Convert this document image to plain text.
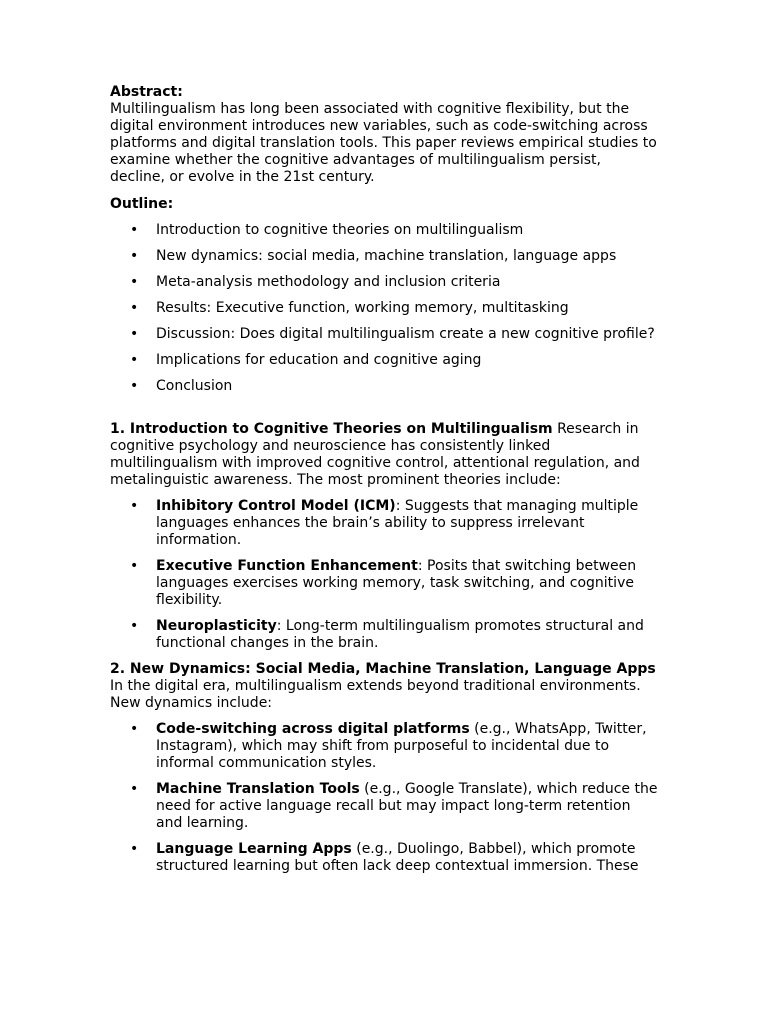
Abstract:

Multilingualism has long been associated with cognitive flexibility, but the digital environment introduces new variables, such as code-switching across platforms and digital translation tools. This paper reviews empirical studies to examine whether the cognitive advantages of multilingualism persist, decline, or evolve in the 21st century.

Outline:

• Introduction to cognitive theories on multilingualism
• New dynamics: social media, machine translation, language apps
• Meta-analysis methodology and inclusion criteria
• Results: Executive function, working memory, multitasking
• Discussion: Does digital multilingualism create a new cognitive profile?
• Implications for education and cognitive aging
• Conclusion

1. Introduction to Cognitive Theories on Multilingualism Research in cognitive psychology and neuroscience has consistently linked multilingualism with improved cognitive control, attentional regulation, and metalinguistic awareness. The most prominent theories include:

• Inhibitory Control Model (ICM): Suggests that managing multiple languages enhances the brain’s ability to suppress irrelevant information.
• Executive Function Enhancement: Posits that switching between languages exercises working memory, task switching, and cognitive flexibility.
• Neuroplasticity: Long-term multilingualism promotes structural and functional changes in the brain.

2. New Dynamics: Social Media, Machine Translation, Language Apps In the digital era, multilingualism extends beyond traditional environments. New dynamics include:

• Code-switching across digital platforms (e.g., WhatsApp, Twitter, Instagram), which may shift from purposeful to incidental due to informal communication styles.
• Machine Translation Tools (e.g., Google Translate), which reduce the need for active language recall but may impact long-term retention and learning.
• Language Learning Apps (e.g., Duolingo, Babbel), which promote structured learning but often lack deep contextual immersion. These
